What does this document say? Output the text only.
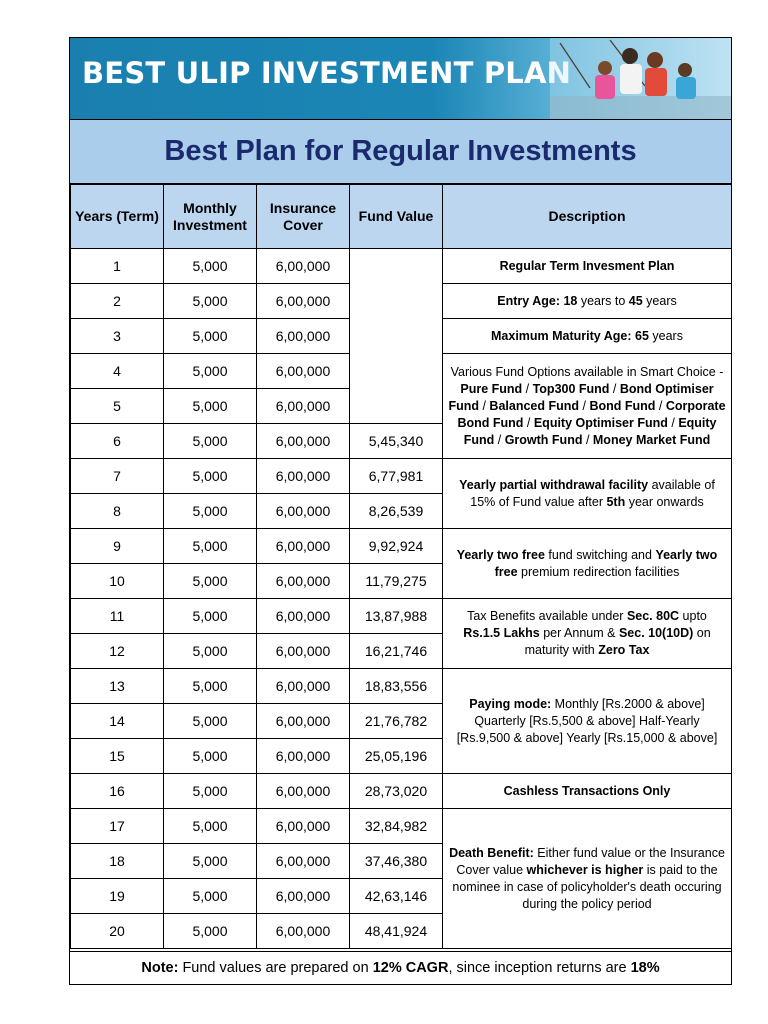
BEST ULIP INVESTMENT PLAN
Best Plan for Regular Investments
Years (Term)	Monthly Investment	Insurance Cover	Fund Value	Description
1	5,000	6,00,000		Regular Term Invesment Plan
2	5,000	6,00,000		Entry Age: 18 years to 45 years
3	5,000	6,00,000		Maximum Maturity Age: 65 years
4	5,000	6,00,000		Various Fund Options available in Smart Choice - Pure Fund / Top300 Fund / Bond Optimiser Fund / Balanced Fund / Bond Fund / Corporate Bond Fund / Equity Optimiser Fund / Equity Fund / Growth Fund / Money Market Fund
5	5,000	6,00,000		
6	5,000	6,00,000	5,45,340	
7	5,000	6,00,000	6,77,981	Yearly partial withdrawal facility available of 15% of Fund value after 5th year onwards
8	5,000	6,00,000	8,26,539	
9	5,000	6,00,000	9,92,924	Yearly two free fund switching and Yearly two free premium redirection facilities
10	5,000	6,00,000	11,79,275	
11	5,000	6,00,000	13,87,988	Tax Benefits available under Sec. 80C upto Rs.1.5 Lakhs per Annum & Sec. 10(10D) on maturity with Zero Tax
12	5,000	6,00,000	16,21,746	
13	5,000	6,00,000	18,83,556	Paying mode: Monthly [Rs.2000 & above] Quarterly [Rs.5,500 & above] Half-Yearly [Rs.9,500 & above] Yearly [Rs.15,000 & above]
14	5,000	6,00,000	21,76,782	
15	5,000	6,00,000	25,05,196	
16	5,000	6,00,000	28,73,020	Cashless Transactions Only
17	5,000	6,00,000	32,84,982	Death Benefit: Either fund value or the Insurance Cover value whichever is higher is paid to the nominee in case of policyholder's death occuring during the policy period
18	5,000	6,00,000	37,46,380	
19	5,000	6,00,000	42,63,146	
20	5,000	6,00,000	48,41,924	
Note: Fund values are prepared on 12% CAGR, since inception returns are 18%
